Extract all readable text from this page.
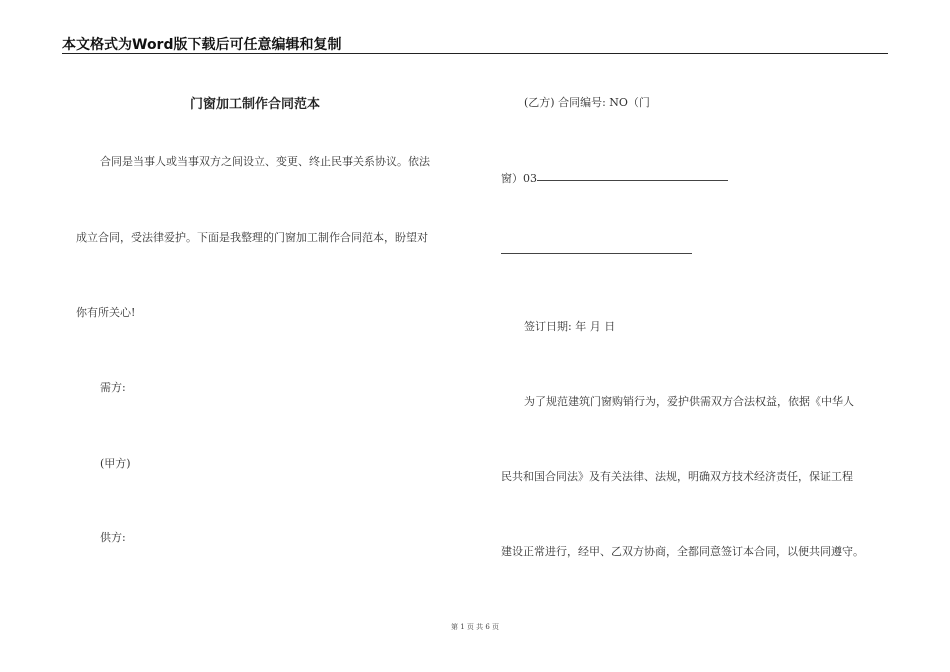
本文格式为Word版下载后可任意编辑和复制
门窗加工制作合同范本
合同是当事人或当事双方之间设立、变更、终止民事关系协议。依法
成立合同，受法律爱护。下面是我整理的门窗加工制作合同范本，盼望对
你有所关心!
需方:
(甲方)
供方:
(乙方) 合同编号: NO（门
窗）03
签订日期: 年 月 日
为了规范建筑门窗购销行为，爱护供需双方合法权益，依据《中华人
民共和国合同法》及有关法律、法规，明确双方技术经济责任，保证工程
建设正常进行，经甲、乙双方协商，全都同意签订本合同，以便共同遵守。
第 1 页 共 6 页
